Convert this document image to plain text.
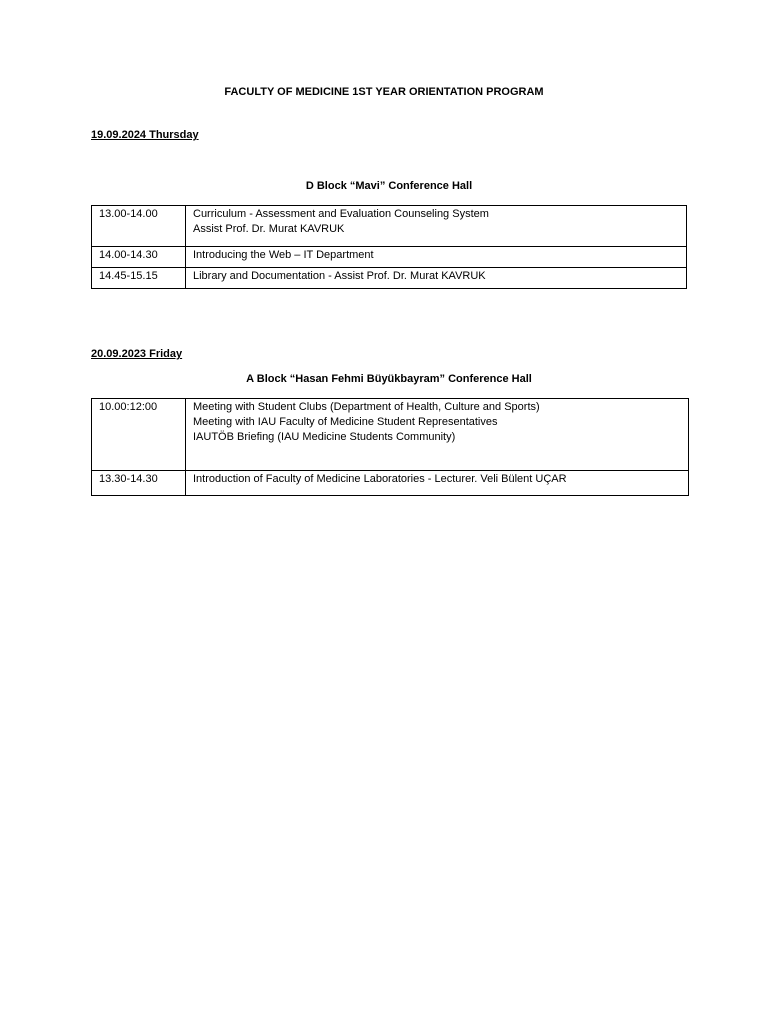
FACULTY OF MEDICINE 1ST YEAR ORIENTATION PROGRAM
19.09.2024 Thursday
D Block “Mavi” Conference Hall
13.00-14.00	Curriculum - Assessment and Evaluation Counseling System
Assist Prof. Dr. Murat KAVRUK

14.00-14.30	Introducing the Web – IT Department

14.45-15.15	Library and Documentation - Assist Prof. Dr. Murat KAVRUK
20.09.2023 Friday
A Block “Hasan Fehmi Büyükbayram” Conference Hall
10.00:12:00	Meeting with Student Clubs (Department of Health, Culture and Sports)
Meeting with IAU Faculty of Medicine Student Representatives
IAUTÖB Briefing (IAU Medicine Students Community)

13.30-14.30	Introduction of Faculty of Medicine Laboratories - Lecturer. Veli Bülent UÇAR
